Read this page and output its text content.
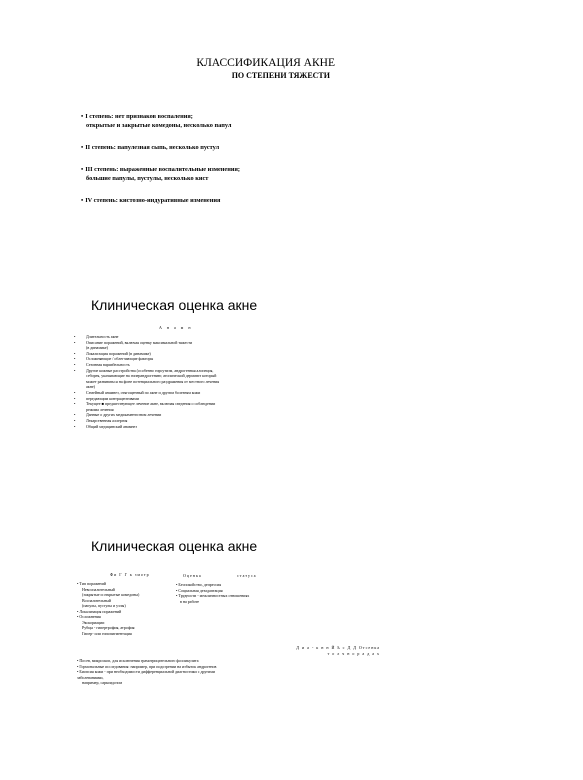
КЛАССИФИКАЦИЯ АКНЕ
ПО СТЕПЕНИ ТЯЖЕСТИ
• I степень: нет признаков воспаления;
открытые и закрытые комедоны, несколько папул
• II степень: папулезная сыпь, несколько пустул
• III степень: выраженные воспалительные изменения;
большие папулы, пустулы, несколько кист
• IV степень: кистозно-индуративные изменения
Клиническая оценка акне
А н а м н
• Длительность акне
• Описание поражений, включая оценку максимальной тяжести
(в динамике)
• Локализация поражений (в динамике)
• Осложняющие / облегчающие факторы
• Сезонная вариабельность
• Другие кожные расстройства (особенно гирсутизм, андрогенная алопеция,
себорея, указывающие на гиперандрогению; атопический дерматит который
может развиваться на фоне потенциального раздражения от местного лечения
акне)
• Семейный анамнез, отягощенный по акне и другим болезням кожи
передающим контрацептивами
• Текущее ■ предшествующее лечение акне, включая сведения о соблюдении
режима лечения
• Данные о других медикаментозном лечении
• Лекарственная аллергия
• Общий медицинский анамнез
Клиническая оценка акне
Фи Г Г к змотр
• Тип поражений
Невоспалительный
(закрытые и открытые комедоны)
Воспалительный
(папулы, пустулы и узлы)
• Локализация поражений
• Осложнения
Экскориации
Рубцы - гипертрофия, атрофия
Гипер- или гипопигментация
Оценка	статуса
• Беспокойство, депрессия
• Социальная дезадаптация
• Трудности - межличностных отношениях
в на работе
Д и а - к н н Й Ь с Д Д Отсенка
т о л ч н о р а д а х
• Посев, микроскоп, для исключения грамотрицательного фолликулита
• Гормональные исследования: например, при подозрении на избыток андрогенов
• Биопсия кожи - при необходимости дифференциальной диагностики с другими
заболеваниями,
например, саркоидозом
